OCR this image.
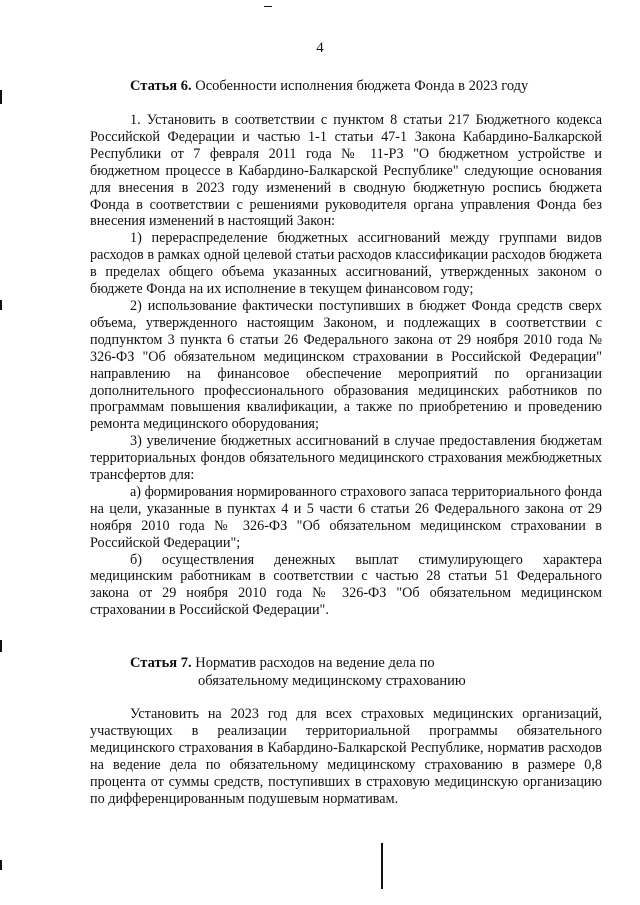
4
Статья 6. Особенности исполнения бюджета Фонда в 2023 году

1. Установить в соответствии с пунктом 8 статьи 217 Бюджетного кодекса Российской Федерации и частью 1-1 статьи 47-1 Закона Кабардино-Балкарской Республики от 7 февраля 2011 года № 11-РЗ "О бюджетном устройстве и бюджетном процессе в Кабардино-Балкарской Республике" следующие основания для внесения в 2023 году изменений в сводную бюджетную роспись бюджета Фонда в соответствии с решениями руководителя органа управления Фонда без внесения изменений в настоящий Закон:

1) перераспределение бюджетных ассигнований между группами видов расходов в рамках одной целевой статьи расходов классификации расходов бюджета в пределах общего объема указанных ассигнований, утвержденных законом о бюджете Фонда на их исполнение в текущем финансовом году;

2) использование фактически поступивших в бюджет Фонда средств сверх объема, утвержденного настоящим Законом, и подлежащих в соответствии с подпунктом 3 пункта 6 статьи 26 Федерального закона от 29 ноября 2010 года № 326-ФЗ "Об обязательном медицинском страховании в Российской Федерации" направлению на финансовое обеспечение мероприятий по организации дополнительного профессионального образования медицинских работников по программам повышения квалификации, а также по приобретению и проведению ремонта медицинского оборудования;

3) увеличение бюджетных ассигнований в случае предоставления бюджетам территориальных фондов обязательного медицинского страхования межбюджетных трансфертов для:

а) формирования нормированного страхового запаса территориального фонда на цели, указанные в пунктах 4 и 5 части 6 статьи 26 Федерального закона от 29 ноября 2010 года № 326-ФЗ "Об обязательном медицинском страховании в Российской Федерации";

б) осуществления денежных выплат стимулирующего характера медицинским работникам в соответствии с частью 28 статьи 51 Федерального закона от 29 ноября 2010 года № 326-ФЗ "Об обязательном медицинском страховании в Российской Федерации".

Статья 7. Норматив расходов на ведение дела по
обязательному медицинскому страхованию

Установить на 2023 год для всех страховых медицинских организаций, участвующих в реализации территориальной программы обязательного медицинского страхования в Кабардино-Балкарской Республике, норматив расходов на ведение дела по обязательному медицинскому страхованию в размере 0,8 процента от суммы средств, поступивших в страховую медицинскую организацию по дифференцированным подушевым нормативам.
